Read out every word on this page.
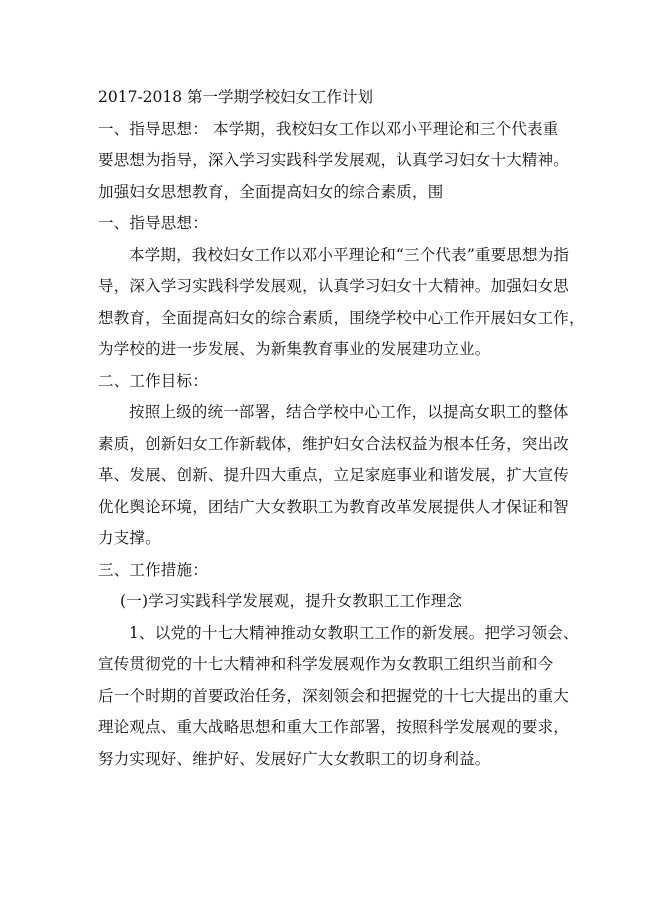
2017-2018 第一学期学校妇女工作计划
一、指导思想： 本学期，我校妇女工作以邓小平理论和三个代表重
要思想为指导，深入学习实践科学发展观，认真学习妇女十大精神。
加强妇女思想教育，全面提高妇女的综合素质，围
一、指导思想：
本学期，我校妇女工作以邓小平理论和“三个代表”重要思想为指
导，深入学习实践科学发展观，认真学习妇女十大精神。加强妇女思
想教育，全面提高妇女的综合素质，围绕学校中心工作开展妇女工作，
为学校的进一步发展、为新集教育事业的发展建功立业。
二、工作目标：
按照上级的统一部署，结合学校中心工作，以提高女职工的整体
素质，创新妇女工作新载体，维护妇女合法权益为根本任务，突出改
革、发展、创新、提升四大重点，立足家庭事业和谐发展，扩大宣传
优化舆论环境，团结广大女教职工为教育改革发展提供人才保证和智
力支撑。
三、工作措施：
(一)学习实践科学发展观，提升女教职工工作理念
1、以党的十七大精神推动女教职工工作的新发展。把学习领会、
宣传贯彻党的十七大精神和科学发展观作为女教职工组织当前和今
后一个时期的首要政治任务，深刻领会和把握党的十七大提出的重大
理论观点、重大战略思想和重大工作部署，按照科学发展观的要求，
努力实现好、维护好、发展好广大女教职工的切身利益。
